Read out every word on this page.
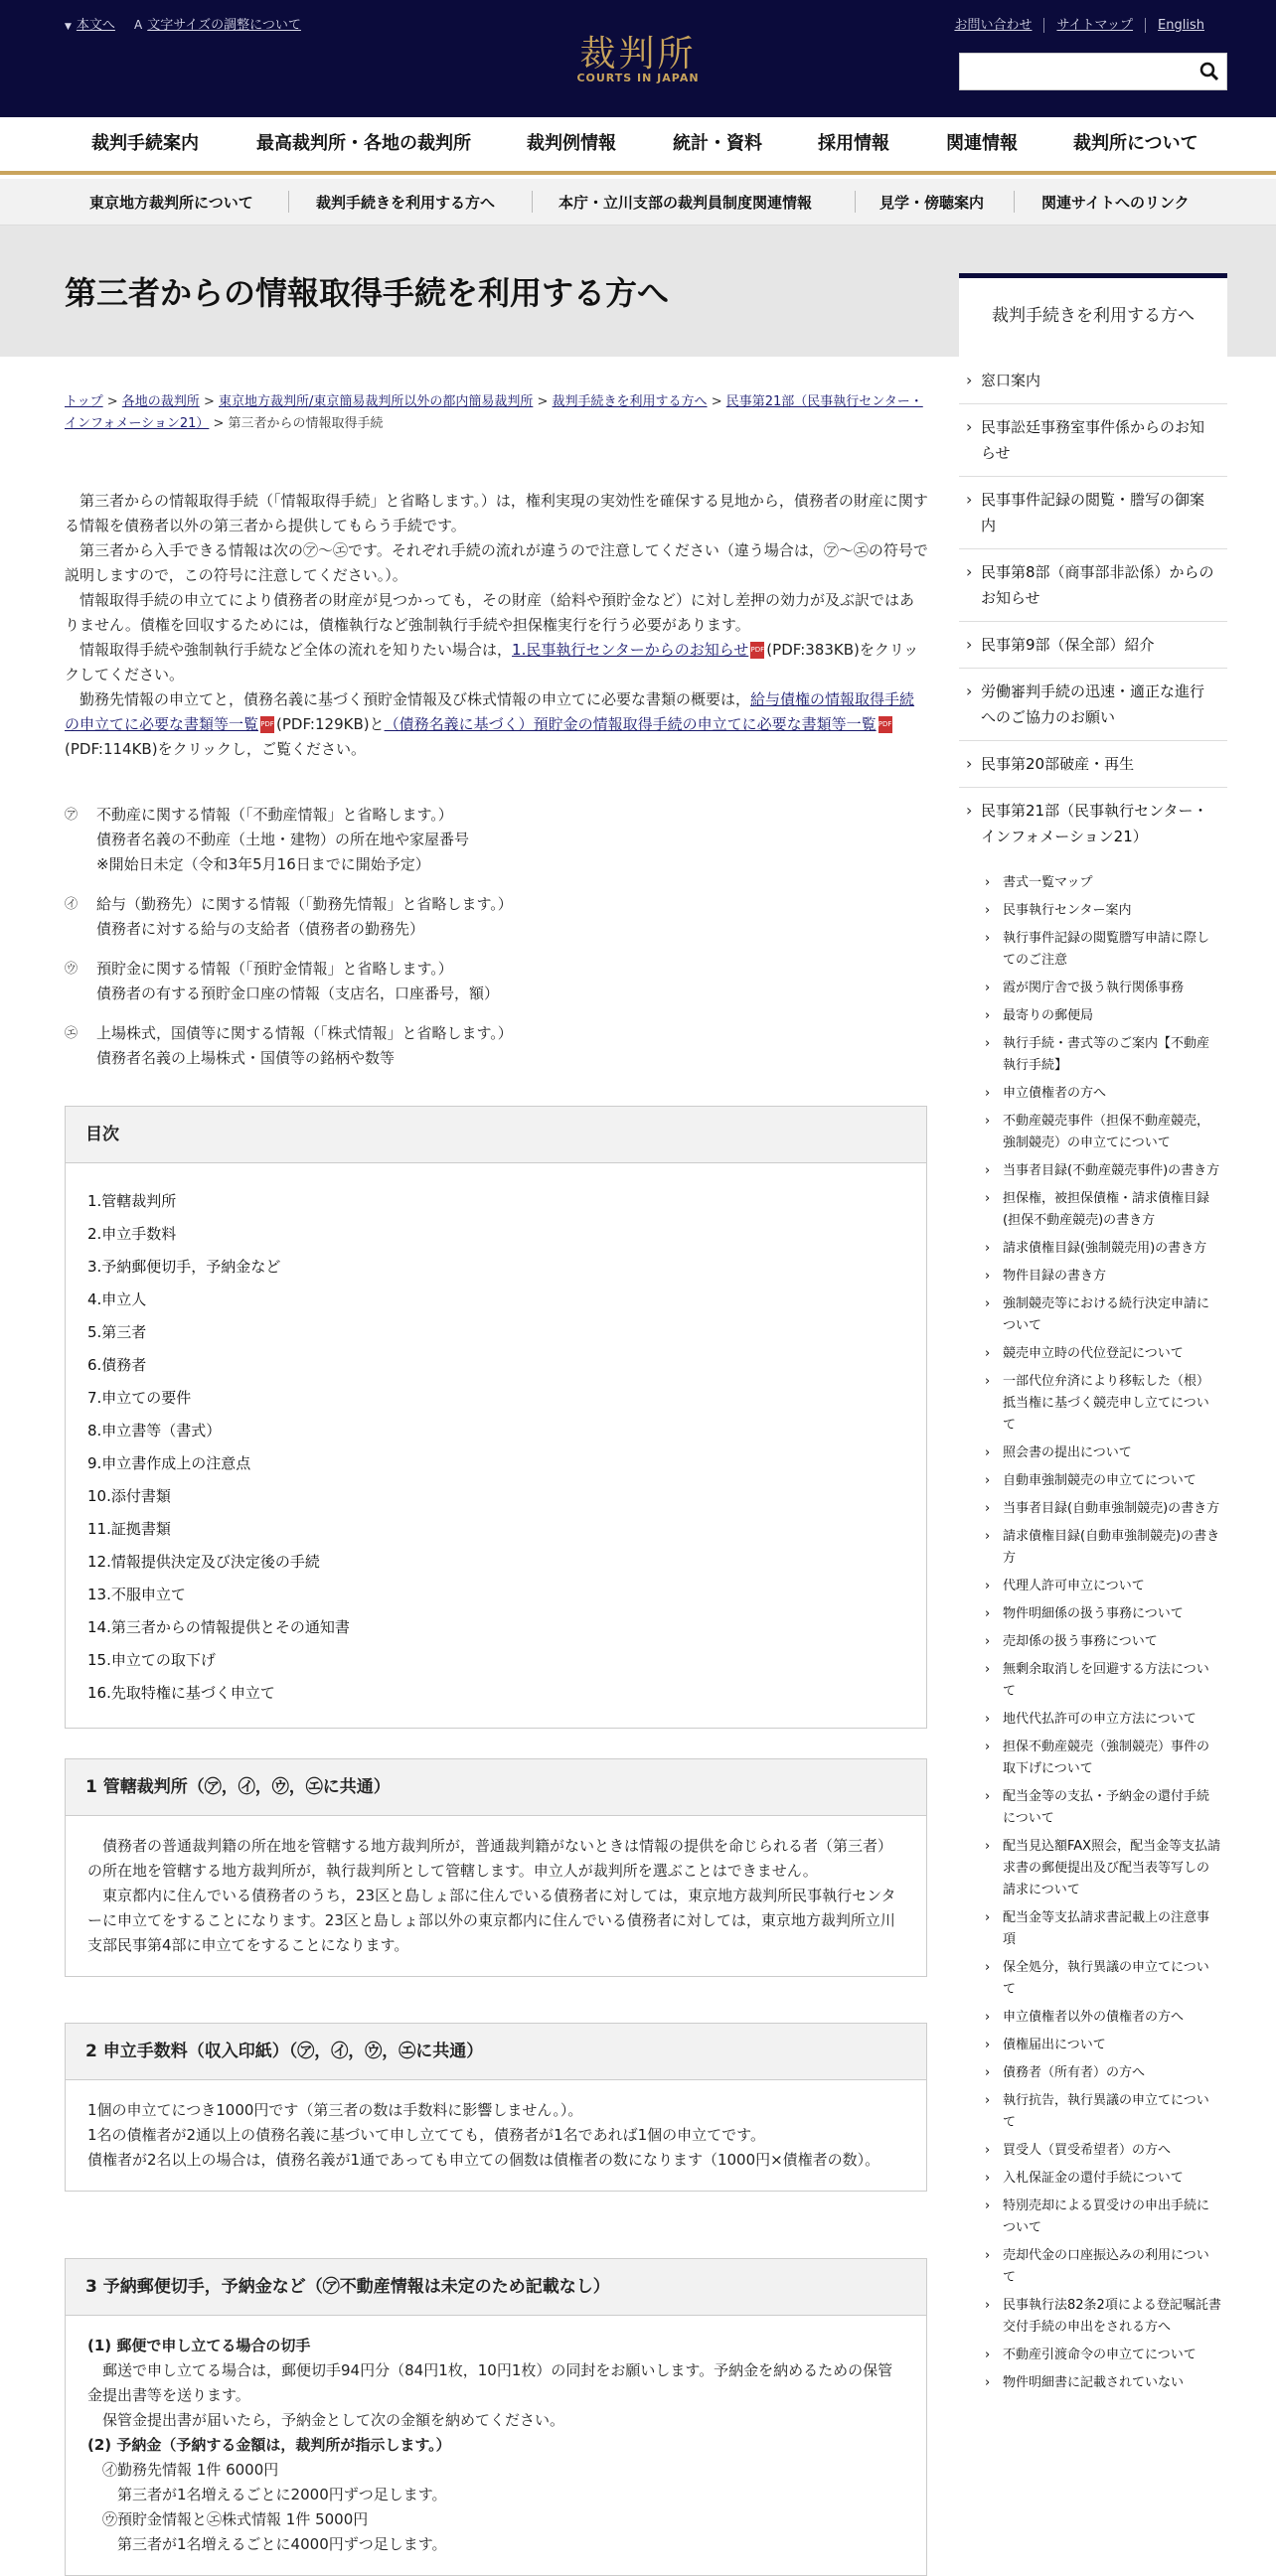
▼ 本文へ A 文字サイズの調整について
裁判所
COURTS IN JAPAN
お問い合わせ サイトマップ English
裁判手続案内	最高裁判所・各地の裁判所	裁判例情報	統計・資料	採用情報	関連情報	裁判所について
東京地方裁判所について	裁判手続きを利用する方へ	本庁・立川支部の裁判員制度関連情報	見学・傍聴案内	関連サイトへのリンク
第三者からの情報取得手続を利用する方へ
裁判手続きを利用する方へ
› 窓口案内
› 民事訟廷事務室事件係からのお知らせ
› 民事事件記録の閲覧・謄写の御案内
› 民事第8部（商事部非訟係）からのお知らせ
› 民事第9部（保全部）紹介
› 労働審判手続の迅速・適正な進行へのご協力のお願い
› 民事第20部破産・再生
› 民事第21部（民事執行センター・インフォメーション21）
› 書式一覧マップ
› 民事執行センター案内
› 執行事件記録の閲覧謄写申請に際してのご注意
› 霞が関庁舎で扱う執行関係事務
› 最寄りの郵便局
› 執行手続・書式等のご案内【不動産執行手続】
› 申立債権者の方へ
› 不動産競売事件（担保不動産競売，強制競売）の申立てについて
› 当事者目録(不動産競売事件)の書き方
› 担保権，被担保債権・請求債権目録(担保不動産競売)の書き方
› 請求債権目録(強制競売用)の書き方
› 物件目録の書き方
› 強制競売等における続行決定申請について
› 競売申立時の代位登記について
› 一部代位弁済により移転した（根）抵当権に基づく競売申し立てについて
› 照会書の提出について
› 自動車強制競売の申立てについて
› 当事者目録(自動車強制競売)の書き方
› 請求債権目録(自動車強制競売)の書き方
› 代理人許可申立について
› 物件明細係の扱う事務について
› 売却係の扱う事務について
› 無剰余取消しを回避する方法について
› 地代代払許可の申立方法について
› 担保不動産競売（強制競売）事件の取下げについて
› 配当金等の支払・予納金の還付手続について
› 配当見込額FAX照会，配当金等支払請求書の郵便提出及び配当表等写しの請求について
› 配当金等支払請求書記載上の注意事項
› 保全処分，執行異議の申立てについて
› 申立債権者以外の債権者の方へ
› 債権届出について
› 債務者（所有者）の方へ
› 執行抗告，執行異議の申立てについて
› 買受人（買受希望者）の方へ
› 入札保証金の還付手続について
› 特別売却による買受けの申出手続について
› 売却代金の口座振込みの利用について
› 民事執行法82条2項による登記嘱託書交付手続の申出をされる方へ
› 不動産引渡命令の申立てについて
› 物件明細書に記載されていない
トップ > 各地の裁判所 > 東京地方裁判所/東京簡易裁判所以外の都内簡易裁判所 > 裁判手続きを利用する方へ > 民事第21部（民事執行センター・インフォメーション21） > 第三者からの情報取得手続

　第三者からの情報取得手続（「情報取得手続」と省略します。）は，権利実現の実効性を確保する見地から，債務者の財産に関する情報を債務者以外の第三者から提供してもらう手続です。

　第三者から入手できる情報は次の㋐～㋓です。それぞれ手続の流れが違うので注意してください（違う場合は，㋐～㋓の符号で説明しますので，この符号に注意してください。）。

　情報取得手続の申立てにより債務者の財産が見つかっても，その財産（給料や預貯金など）に対し差押の効力が及ぶ訳ではありません。債権を回収するためには，債権執行など強制執行手続や担保権実行を行う必要があります。

　情報取得手続や強制執行手続など全体の流れを知りたい場合は，1.民事執行センターからのお知らせ PDF (PDF:383KB)をクリックしてください。

　勤務先情報の申立てと，債務名義に基づく預貯金情報及び株式情報の申立てに必要な書類の概要は，給与債権の情報取得手続の申立てに必要な書類等一覧 PDF (PDF:129KB)と（債務名義に基づく）預貯金の情報取得手続の申立てに必要な書類等一覧 PDF(PDF:114KB)をクリックし，ご覧ください。

㋐ 不動産に関する情報（「不動産情報」と省略します。）
債務者名義の不動産（土地・建物）の所在地や家屋番号
※開始日未定（令和3年5月16日までに開始予定）
㋑ 給与（勤務先）に関する情報（「勤務先情報」と省略します。）
債務者に対する給与の支給者（債務者の勤務先）
㋒ 預貯金に関する情報（「預貯金情報」と省略します。）
債務者の有する預貯金口座の情報（支店名，口座番号，額）
㋓ 上場株式，国債等に関する情報（「株式情報」と省略します。）
債務者名義の上場株式・国債等の銘柄や数等
目次
1.管轄裁判所
2.申立手数料
3.予納郵便切手，予納金など
4.申立人
5.第三者
6.債務者
7.申立ての要件
8.申立書等（書式）
9.申立書作成上の注意点
10.添付書類
11.証拠書類
12.情報提供決定及び決定後の手続
13.不服申立て
14.第三者からの情報提供とその通知書
15.申立ての取下げ
16.先取特権に基づく申立て
1 管轄裁判所（㋐，㋑，㋒，㋓に共通）

　債務者の普通裁判籍の所在地を管轄する地方裁判所が，普通裁判籍がないときは情報の提供を命じられる者（第三者）の所在地を管轄する地方裁判所が，執行裁判所として管轄します。申立人が裁判所を選ぶことはできません。

　東京都内に住んでいる債務者のうち，23区と島しょ部に住んでいる債務者に対しては，東京地方裁判所民事執行センターに申立てをすることになります。23区と島しょ部以外の東京都内に住んでいる債務者に対しては，東京地方裁判所立川支部民事第4部に申立てをすることになります。

2 申立手数料（収入印紙）（㋐，㋑，㋒，㋓に共通）

1個の申立てにつき1000円です（第三者の数は手数料に影響しません。）。

1名の債権者が2通以上の債務名義に基づいて申し立てても，債務者が1名であれば1個の申立てです。

債権者が2名以上の場合は，債務名義が1通であっても申立ての個数は債権者の数になります（1000円×債権者の数）。

3 予納郵便切手，予納金など（㋐不動産情報は未定のため記載なし）

(1) 郵便で申し立てる場合の切手

　郵送で申し立てる場合は，郵便切手94円分（84円1枚，10円1枚）の同封をお願いします。予納金を納めるための保管金提出書等を送ります。

　保管金提出書が届いたら，予納金として次の金額を納めてください。

(2) 予納金（予納する金額は，裁判所が指示します。）

　㋑勤務先情報 1件 6000円

　　第三者が1名増えるごとに2000円ずつ足します。

　㋒預貯金情報と㋓株式情報 1件 5000円

　　第三者が1名増えるごとに4000円ずつ足します。
